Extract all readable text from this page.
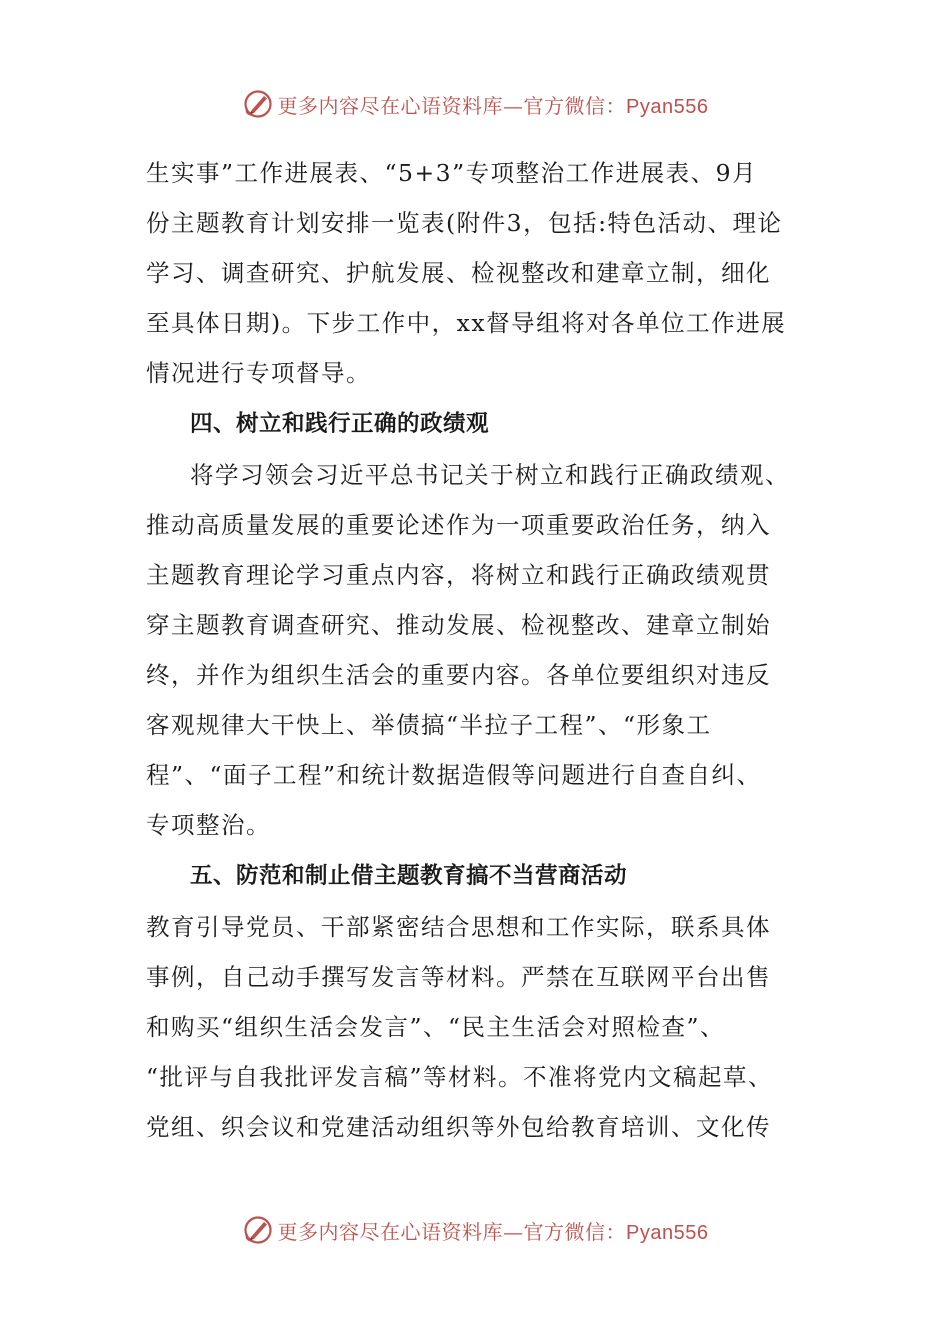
更多内容尽在心语资料库—官方微信：Pyan556

生实事”工作进展表、“5+3”专项整治工作进展表、9月
份主题教育计划安排一览表(附件3，包括:特色活动、理论
学习、调查研究、护航发展、检视整改和建章立制，细化
至具体日期)。下步工作中，xx督导组将对各单位工作进展
情况进行专项督导。

四、树立和践行正确的政绩观

将学习领会习近平总书记关于树立和践行正确政绩观、
推动高质量发展的重要论述作为一项重要政治任务，纳入
主题教育理论学习重点内容，将树立和践行正确政绩观贯
穿主题教育调查研究、推动发展、检视整改、建章立制始
终，并作为组织生活会的重要内容。各单位要组织对违反
客观规律大干快上、举债搞“半拉子工程”、“形象工
程”、“面子工程”和统计数据造假等问题进行自查自纠、
专项整治。

五、防范和制止借主题教育搞不当营商活动

教育引导党员、干部紧密结合思想和工作实际，联系具体
事例，自己动手撰写发言等材料。严禁在互联网平台出售
和购买“组织生活会发言”、“民主生活会对照检查”、
“批评与自我批评发言稿”等材料。不准将党内文稿起草、
党组、织会议和党建活动组织等外包给教育培训、文化传

更多内容尽在心语资料库—官方微信：Pyan556
